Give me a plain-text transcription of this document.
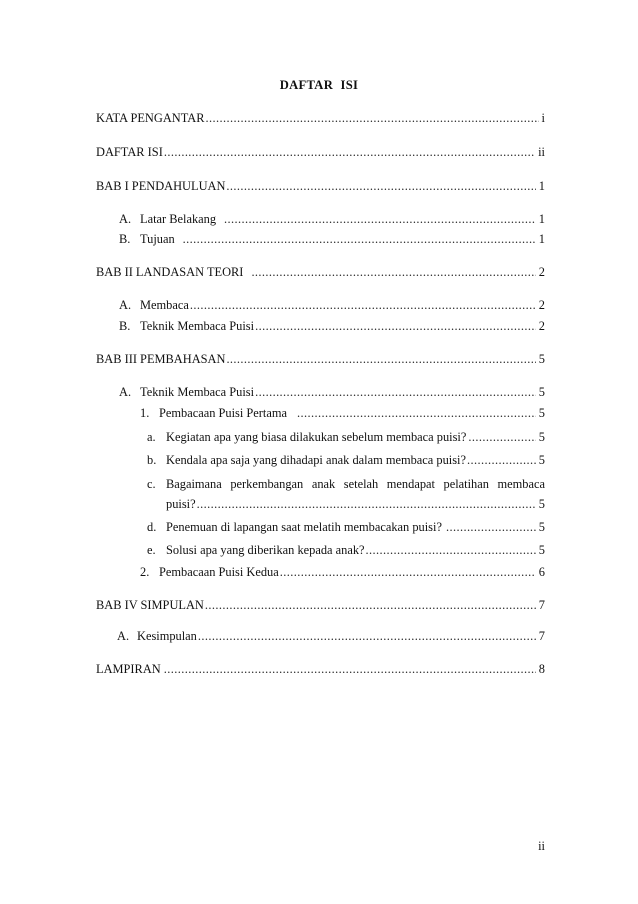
DAFTAR ISI
KATA PENGANTAR .....	i
DAFTAR ISI .....	ii
BAB I PENDAHULUAN .....	1
A. Latar Belakang .....	1
B. Tujuan .....	1
BAB II LANDASAN TEORI .....	2
A. Membaca .....	2
B. Teknik Membaca Puisi .....	2
BAB III PEMBAHASAN .....	5
A. Teknik Membaca Puisi .....	5
1. Pembacaan Puisi Pertama .....	5
a. Kegiatan apa yang biasa dilakukan sebelum membaca puisi? .....	5
b. Kendala apa saja yang dihadapi anak dalam membaca puisi? .....	5
c. Bagaimana perkembangan anak setelah mendapat pelatihan membaca
puisi? .....	5
d. Penemuan di lapangan saat melatih membacakan puisi? .....	5
e. Solusi apa yang diberikan kepada anak? .....	5
2. Pembacaan Puisi Kedua .....	6
BAB IV SIMPULAN .....	7
A. Kesimpulan .....	7
LAMPIRAN .....	8
ii
